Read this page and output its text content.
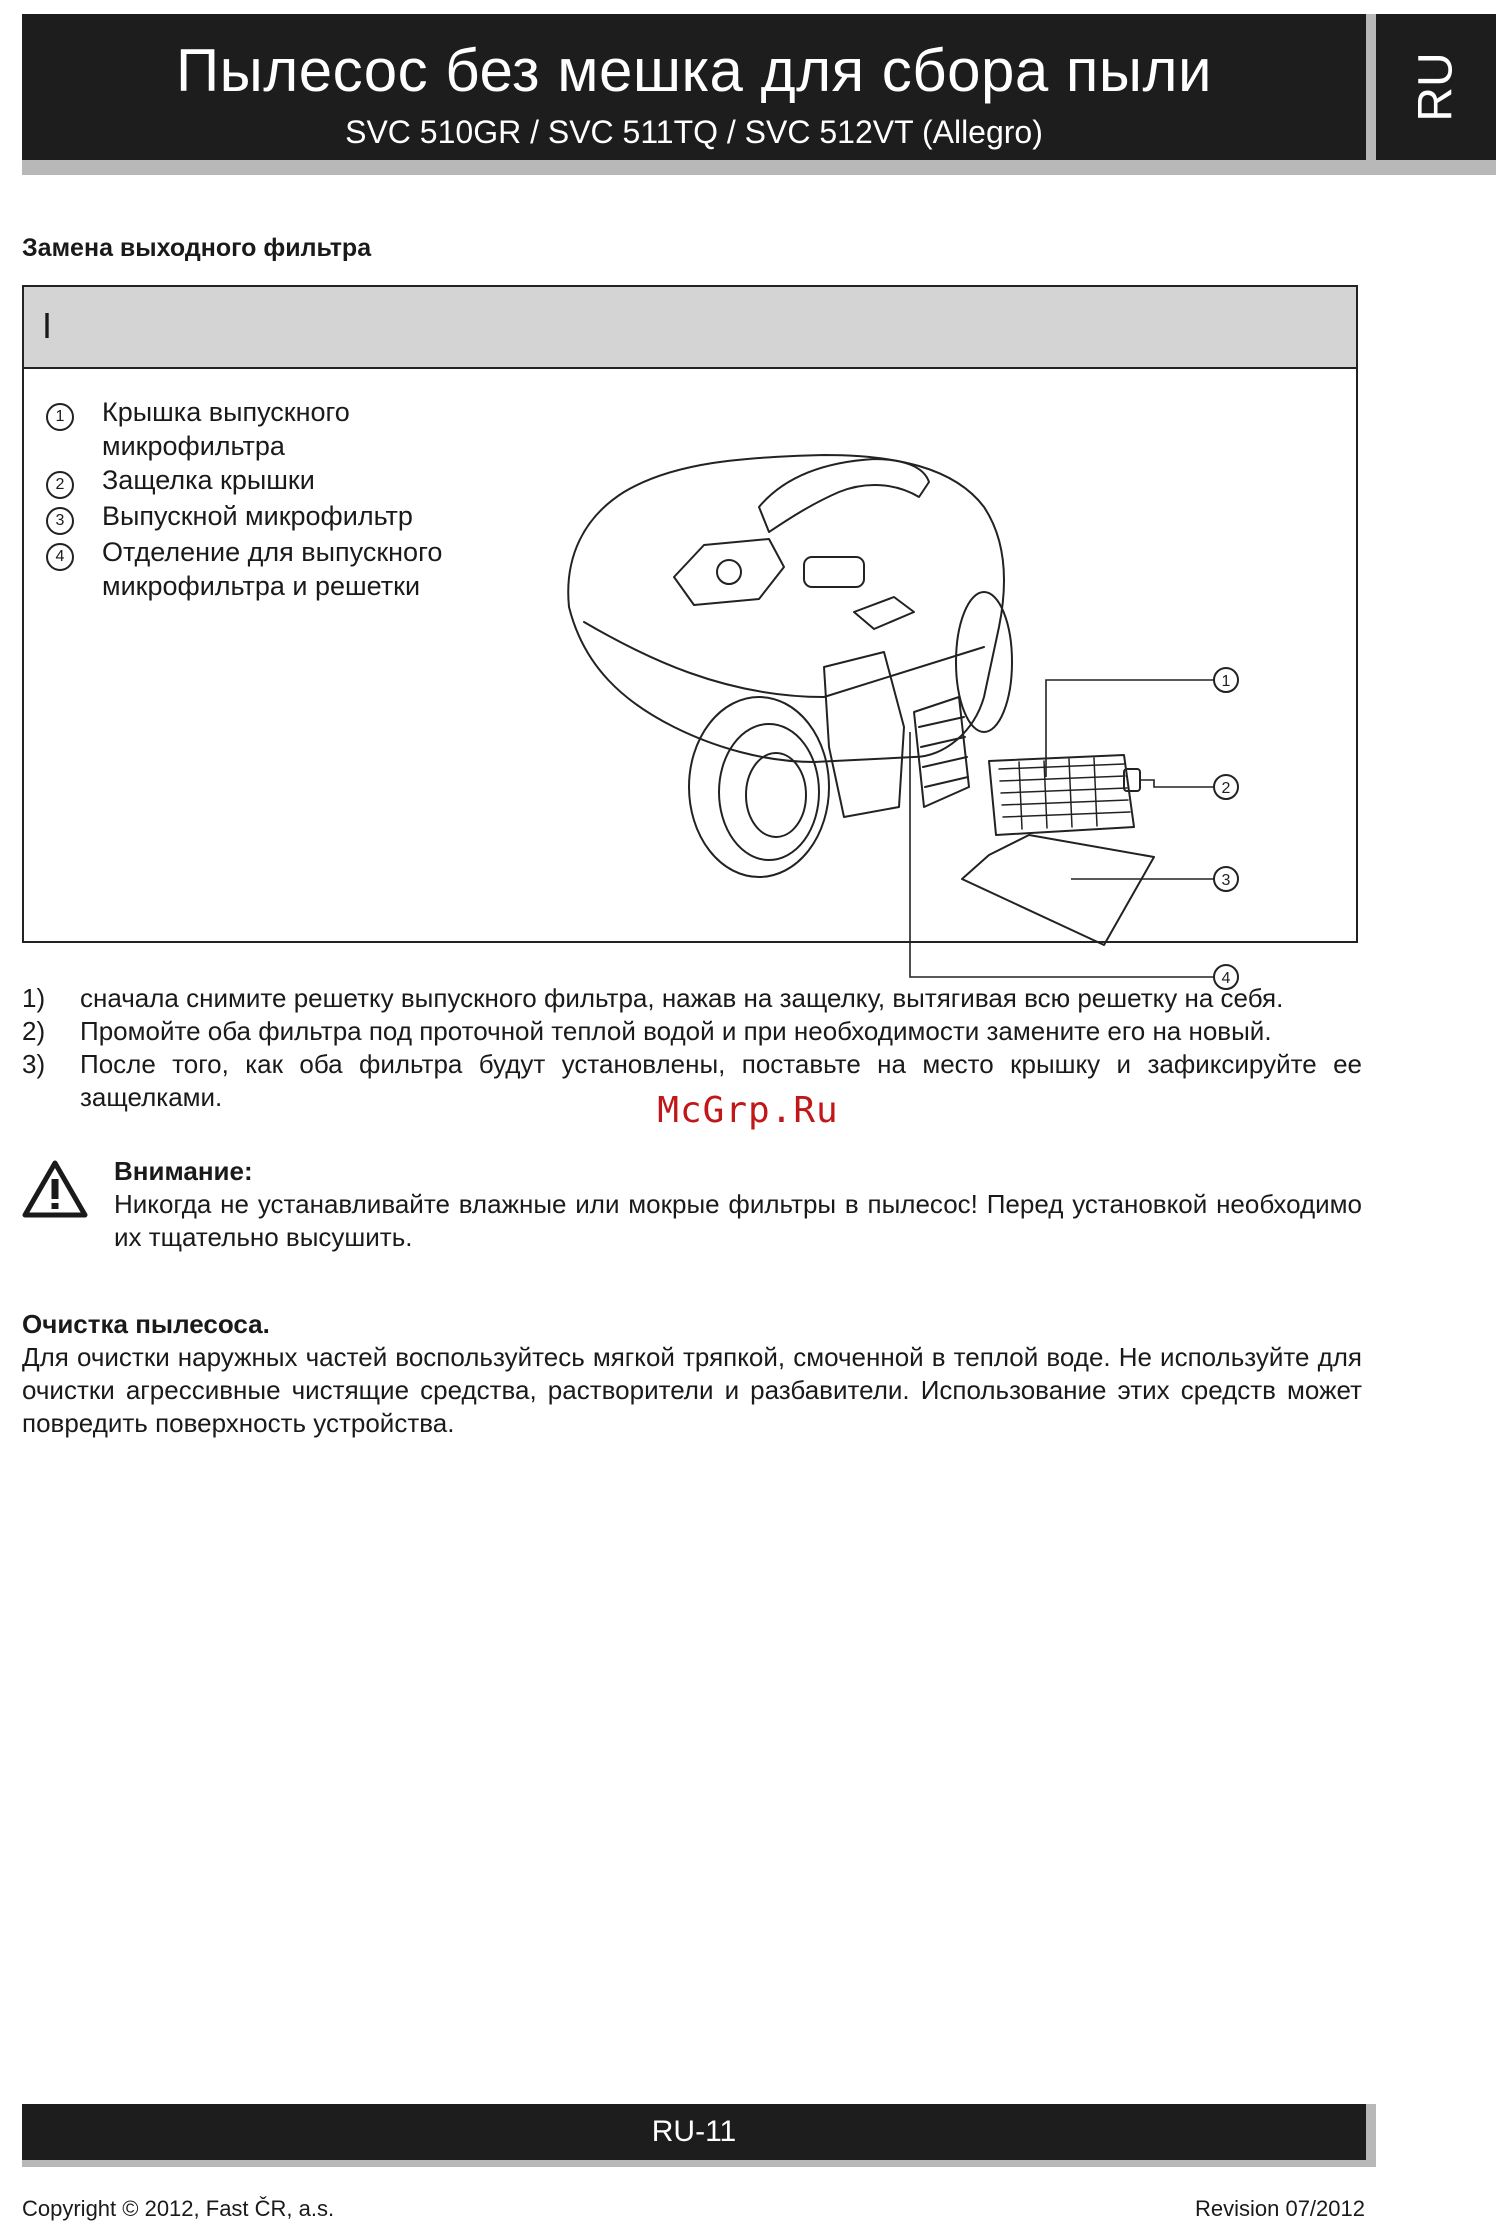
Пылесос без мешка для сбора пыли
SVC 510GR / SVC 511TQ / SVC 512VT (Allegro)
RU
Замена выходного фильтра
I
1	Крышка выпускного микрофильтра
2	Защелка крышки
3	Выпускной микрофильтр
4	Отделение для выпускного микрофильтра и решетки
1
2
3
4
1)	сначала снимите решетку выпускного фильтра, нажав на защелку, вытягивая всю решетку на себя.
2)	Промойте оба фильтра под проточной теплой водой и при необходимости замените его на новый.
3)	После того, как оба фильтра будут установлены, поставьте на место крышку и зафиксируйте ее защелками.	McGrp.Ru
Внимание:
Никогда не устанавливайте влажные или мокрые фильтры в пылесос! Перед установкой необходимо их тщательно высушить.
Очистка пылесоса.
Для очистки наружных частей воспользуйтесь мягкой тряпкой, смоченной в теплой воде. Не используйте для очистки агрессивные чистящие средства, растворители и разбавители. Использование этих средств может повредить поверхность устройства.
RU-11
Copyright © 2012, Fast ČR, a.s.	Revision 07/2012
